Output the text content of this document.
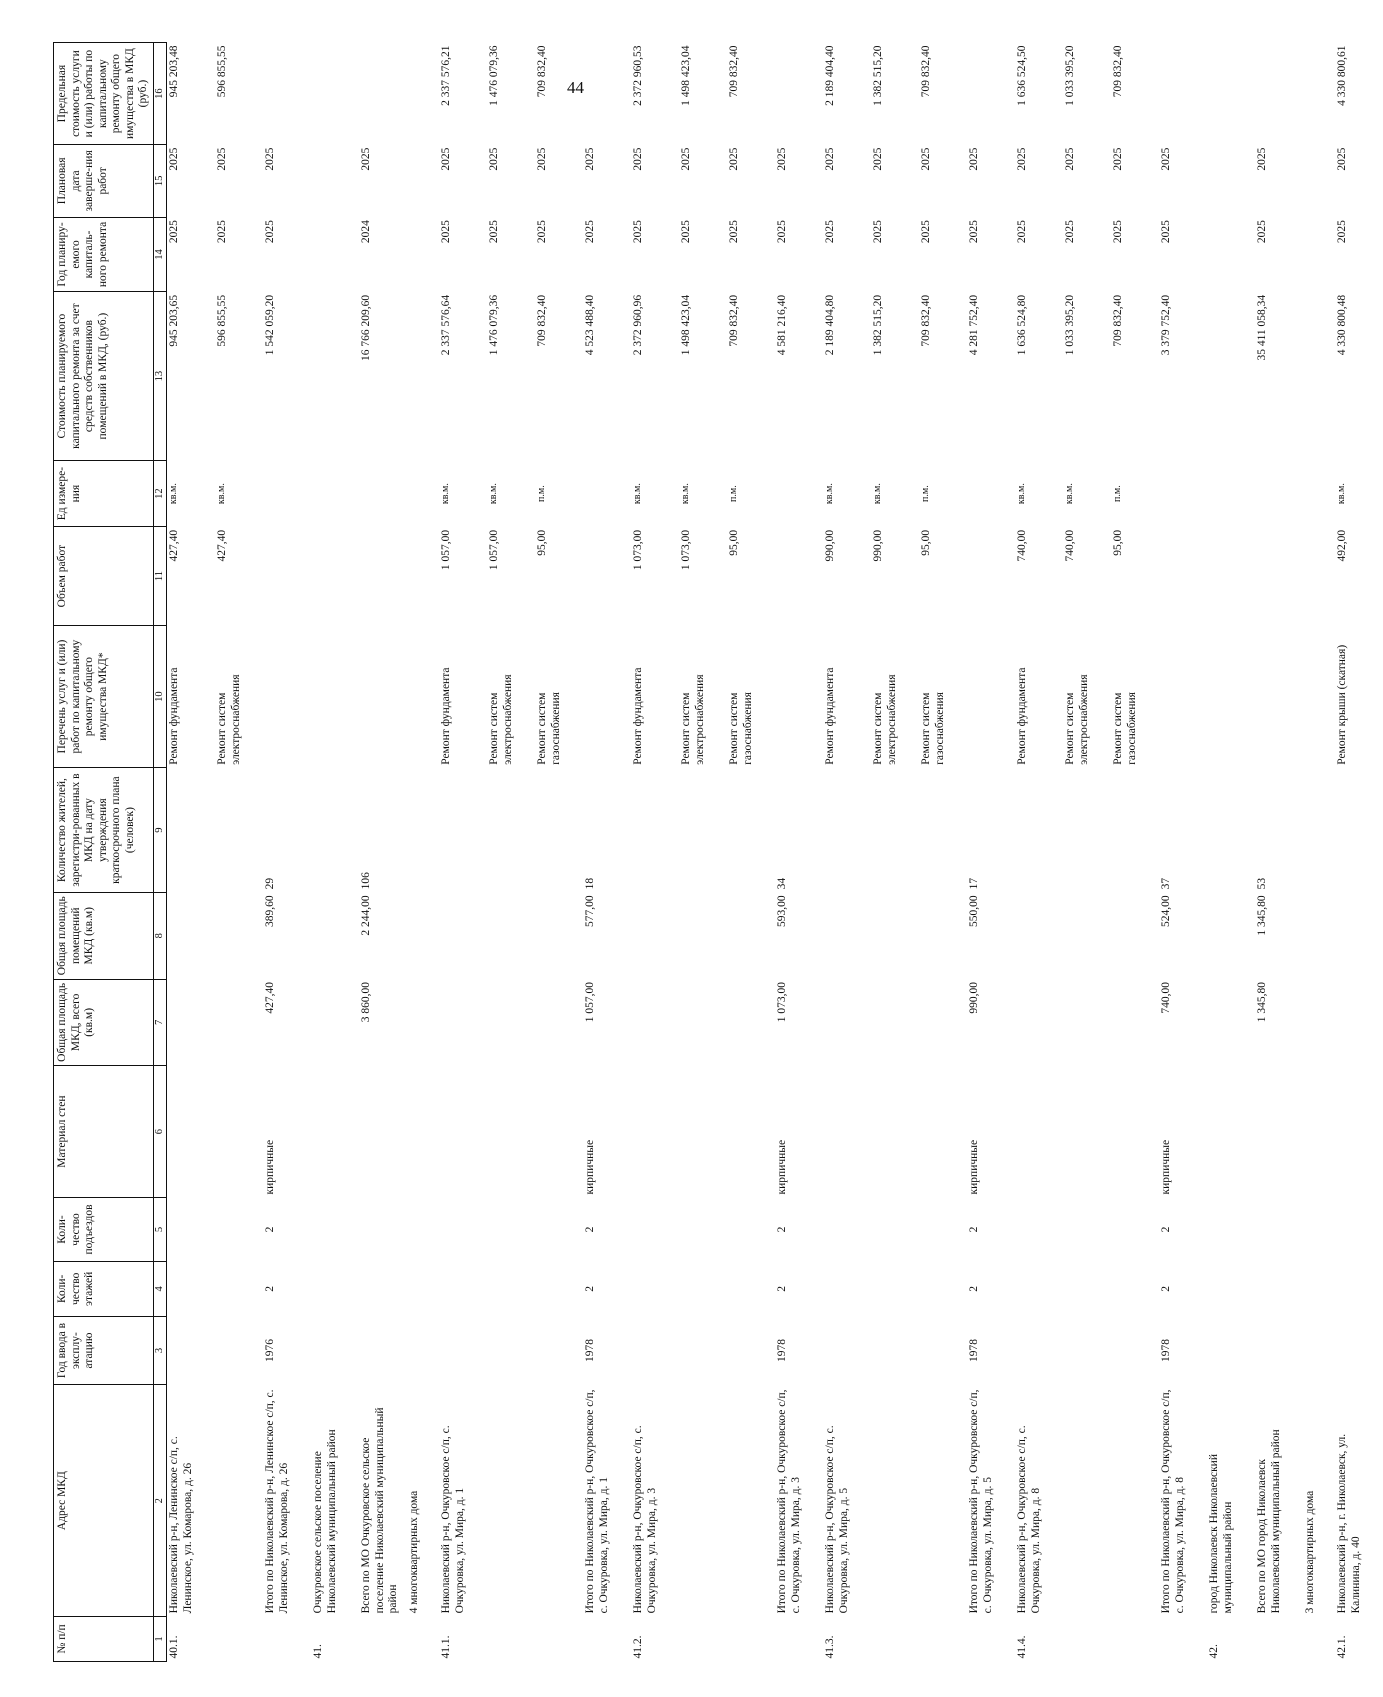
44
№ п/п	Адрес МКД	Год ввода в эксплу-атацию	Коли-чество этажей	Коли-чество подъездов	Материал стен	Общая площадь МКД, всего (кв.м)	Общая площадь помещений МКД (кв.м)	Количество жителей, зарегистри-рованных в МКД на дату утверждения краткосрочного плана (человек)	Перечень услуг и (или) работ по капитальному ремонту общего имущества МКД*	Объем работ	Ед измере-ния	Стоимость планируемого капитального ремонта за счет средств собственников помещений в МКД, (руб.)	Год планиру-емого капиталь-ного ремонта	Плановая дата заверше-ния работ	Предельная стоимость услуги и (или) работы по капитальному ремонту общего имущества в МКД (руб.)
1	2	3	4	5	6	7	8	9	10	11	12	13	14	15	16
40.1.	Николаевский р-н, Ленинское с/п, с. Ленинское, ул. Комарова, д. 26								Ремонт фундамента	427,40	кв.м.	945 203,65	2025	2025	945 203,48
									Ремонт систем электроснабжения	427,40	кв.м.	596 855,55	2025	2025	596 855,55
	Итого по Николаевский р-н, Ленинское с/п, с. Ленинское, ул. Комарова, д. 26	1976	2	2	кирпичные	427,40	389,60	29				1 542 059,20	2025	2025	
41.	Очкуровское сельское поселение Николаевский муниципальный район														
	Всего по МО Очкуровское сельское поселение Николаевский муниципальный район					3 860,00	2 244,00	106				16 766 209,60	2024	2025	
	4 многоквартирных дома														
41.1.	Николаевский р-н, Очкуровское с/п, с. Очкуровка, ул. Мира, д. 1								Ремонт фундамента	1 057,00	кв.м.	2 337 576,64	2025	2025	2 337 576,21
									Ремонт систем электроснабжения	1 057,00	кв.м.	1 476 079,36	2025	2025	1 476 079,36
									Ремонт систем газоснабжения	95,00	п.м.	709 832,40	2025	2025	709 832,40
	Итого по Николаевский р-н, Очкуровское с/п, с. Очкуровка, ул. Мира, д. 1	1978	2	2	кирпичные	1 057,00	577,00	18				4 523 488,40	2025	2025	
41.2.	Николаевский р-н, Очкуровское с/п, с. Очкуровка, ул. Мира, д. 3								Ремонт фундамента	1 073,00	кв.м.	2 372 960,96	2025	2025	2 372 960,53
									Ремонт систем электроснабжения	1 073,00	кв.м.	1 498 423,04	2025	2025	1 498 423,04
									Ремонт систем газоснабжения	95,00	п.м.	709 832,40	2025	2025	709 832,40
	Итого по Николаевский р-н, Очкуровское с/п, с. Очкуровка, ул. Мира, д. 3	1978	2	2	кирпичные	1 073,00	593,00	34				4 581 216,40	2025	2025	
41.3.	Николаевский р-н, Очкуровское с/п, с. Очкуровка, ул. Мира, д. 5								Ремонт фундамента	990,00	кв.м.	2 189 404,80	2025	2025	2 189 404,40
									Ремонт систем электроснабжения	990,00	кв.м.	1 382 515,20	2025	2025	1 382 515,20
									Ремонт систем газоснабжения	95,00	п.м.	709 832,40	2025	2025	709 832,40
	Итого по Николаевский р-н, Очкуровское с/п, с. Очкуровка, ул. Мира, д. 5	1978	2	2	кирпичные	990,00	550,00	17				4 281 752,40	2025	2025	
41.4.	Николаевский р-н, Очкуровское с/п, с. Очкуровка, ул. Мира, д. 8								Ремонт фундамента	740,00	кв.м.	1 636 524,80	2025	2025	1 636 524,50
									Ремонт систем электроснабжения	740,00	кв.м.	1 033 395,20	2025	2025	1 033 395,20
									Ремонт систем газоснабжения	95,00	п.м.	709 832,40	2025	2025	709 832,40
	Итого по Николаевский р-н, Очкуровское с/п, с. Очкуровка, ул. Мира, д. 8	1978	2	2	кирпичные	740,00	524,00	37				3 379 752,40	2025	2025	
42.	город Николаевск Николаевский муниципальный район														
	Всего по МО город Николаевск Николаевский муниципальный район					1 345,80	1 345,80	53				35 411 058,34	2025	2025	
	3 многоквартирных дома														
42.1.	Николаевский р-н, г. Николаевск, ул. Калинина, д. 40								Ремонт крыши (скатная)	492,00	кв.м.	4 330 800,48	2025	2025	4 330 800,61
